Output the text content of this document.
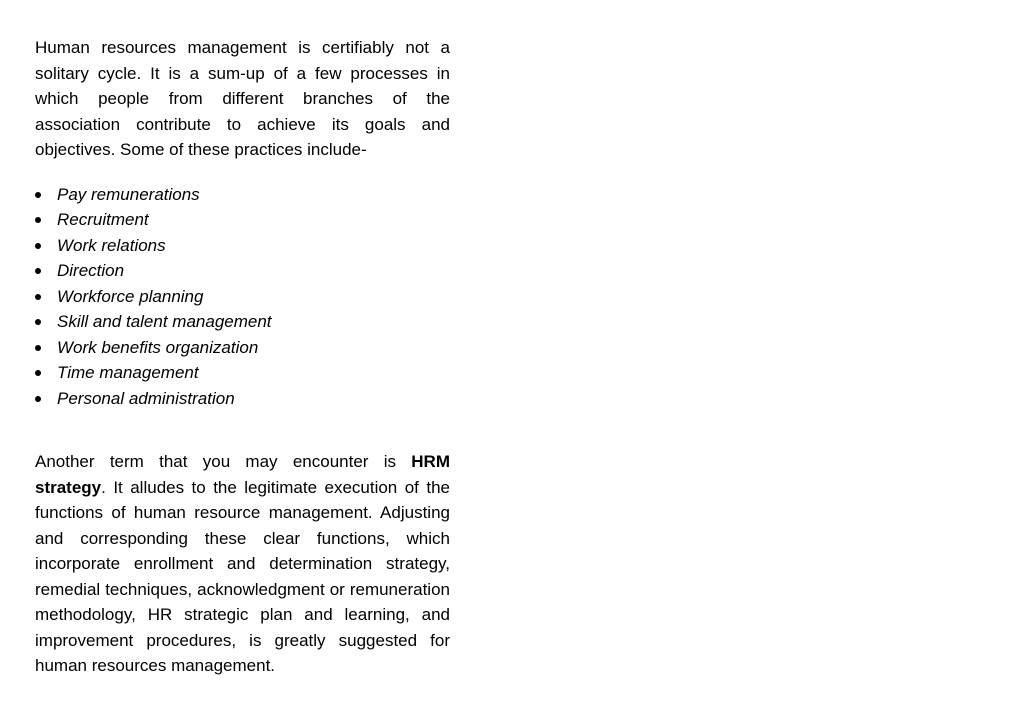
Human resources management is certifiably not a solitary cycle. It is a sum-up of a few processes in which people from different branches of the association contribute to achieve its goals and objectives. Some of these practices include-

Pay remunerations
Recruitment
Work relations
Direction
Workforce planning
Skill and talent management
Work benefits organization
Time management
Personal administration

Another term that you may encounter is HRM strategy. It alludes to the legitimate execution of the functions of human resource management. Adjusting and corresponding these clear functions, which incorporate enrollment and determination strategy, remedial techniques, acknowledgment or remuneration methodology, HR strategic plan and learning, and improvement procedures, is greatly suggested for human resources management.
